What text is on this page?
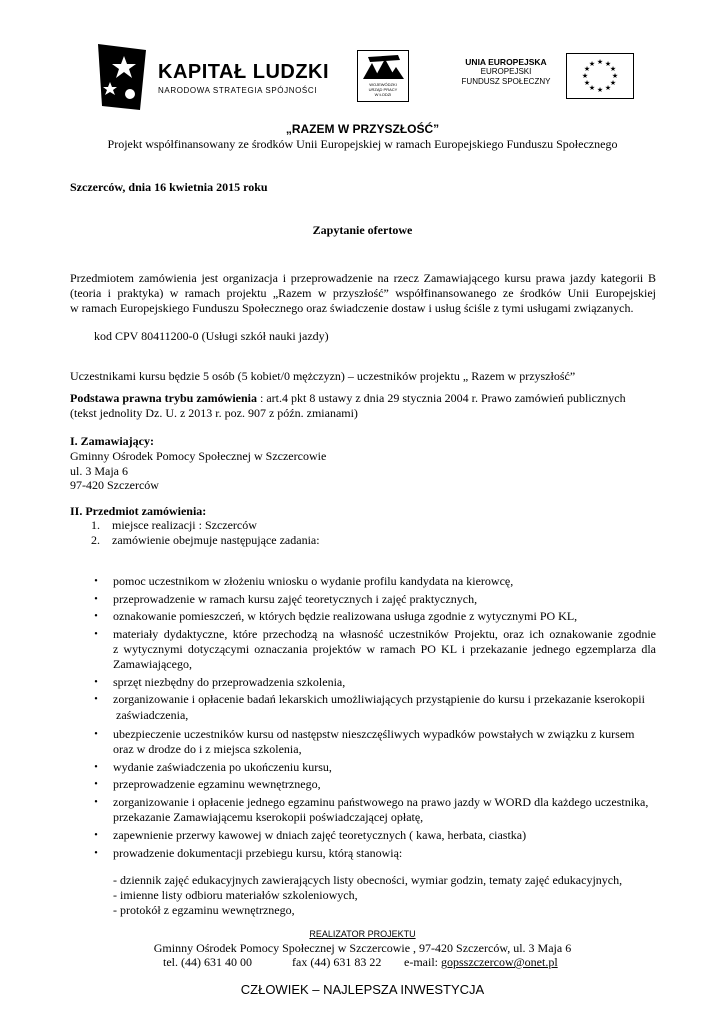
KAPITAŁ LUDZKI
NARODOWA STRATEGIA SPÓJNOŚCI
WOJEWÓDZKI
URZĄD PRACY
W ŁODZI
UNIA EUROPEJSKA
EUROPEJSKI
FUNDUSZ SPOŁECZNY
★ ★
★
★
★
★
★
★
★
★
★
★
„RAZEM W PRZYSZŁOŚĆ”
Projekt współfinansowany ze środków Unii Europejskiej w ramach Europejskiego Funduszu Społecznego
Szczerców, dnia 16 kwietnia 2015 roku
Zapytanie ofertowe
Przedmiotem zamówienia jest organizacja i przeprowadzenie na rzecz Zamawiającego kursu prawa jazdy kategorii B
(teoria i praktyka) w ramach projektu „Razem w przyszłość” współfinansowanego ze środków Unii Europejskiej
w ramach Europejskiego Funduszu Społecznego oraz świadczenie dostaw i usług ściśle z tymi usługami związanych.
kod CPV 80411200-0 (Usługi szkół nauki jazdy)
Uczestnikami kursu będzie 5 osób (5 kobiet/0 mężczyzn) – uczestników projektu „ Razem w przyszłość”
Podstawa prawna trybu zamówienia : art.4 pkt 8 ustawy z dnia 29 stycznia 2004 r. Prawo zamówień publicznych
(tekst jednolity Dz. U. z 2013 r. poz. 907 z późn. zmianami)
I. Zamawiający:
Gminny Ośrodek Pomocy Społecznej w Szczercowie
ul. 3 Maja 6
97-420 Szczerców
II. Przedmiot zamówienia:
1. miejsce realizacji : Szczerców
2. zamówienie obejmuje następujące zadania:
• pomoc uczestnikom w złożeniu wniosku o wydanie profilu kandydata na kierowcę,
• przeprowadzenie w ramach kursu zajęć teoretycznych i zajęć praktycznych,
• oznakowanie pomieszczeń, w których będzie realizowana usługa zgodnie z wytycznymi PO KL,
• materiały dydaktyczne, które przechodzą na własność uczestników Projektu, oraz ich oznakowanie zgodnie
z wytycznymi dotyczącymi oznaczania projektów w ramach PO KL i przekazanie jednego egzemplarza dla
Zamawiającego,
• sprzęt niezbędny do przeprowadzenia szkolenia,
• zorganizowanie i opłacenie badań lekarskich umożliwiających przystąpienie do kursu i przekazanie kserokopii
zaświadczenia,
• ubezpieczenie uczestników kursu od następstw nieszczęśliwych wypadków powstałych w związku z kursem
oraz w drodze do i z miejsca szkolenia,
• wydanie zaświadczenia po ukończeniu kursu,
• przeprowadzenie egzaminu wewnętrznego,
• zorganizowanie i opłacenie jednego egzaminu państwowego na prawo jazdy w WORD dla każdego uczestnika,
przekazanie Zamawiającemu kserokopii poświadczającej opłatę,
• zapewnienie przerwy kawowej w dniach zajęć teoretycznych ( kawa, herbata, ciastka)
• prowadzenie dokumentacji przebiegu kursu, którą stanowią:
- dziennik zajęć edukacyjnych zawierających listy obecności, wymiar godzin, tematy zajęć edukacyjnych,
- imienne listy odbioru materiałów szkoleniowych,
- protokół z egzaminu wewnętrznego,
REALIZATOR PROJEKTU
Gminny Ośrodek Pomocy Społecznej w Szczercowie , 97-420 Szczerców, ul. 3 Maja 6
tel. (44) 631 40 00	fax (44) 631 83 22 e-mail: gopsszczercow@onet.pl
CZŁOWIEK – NAJLEPSZA INWESTYCJA
